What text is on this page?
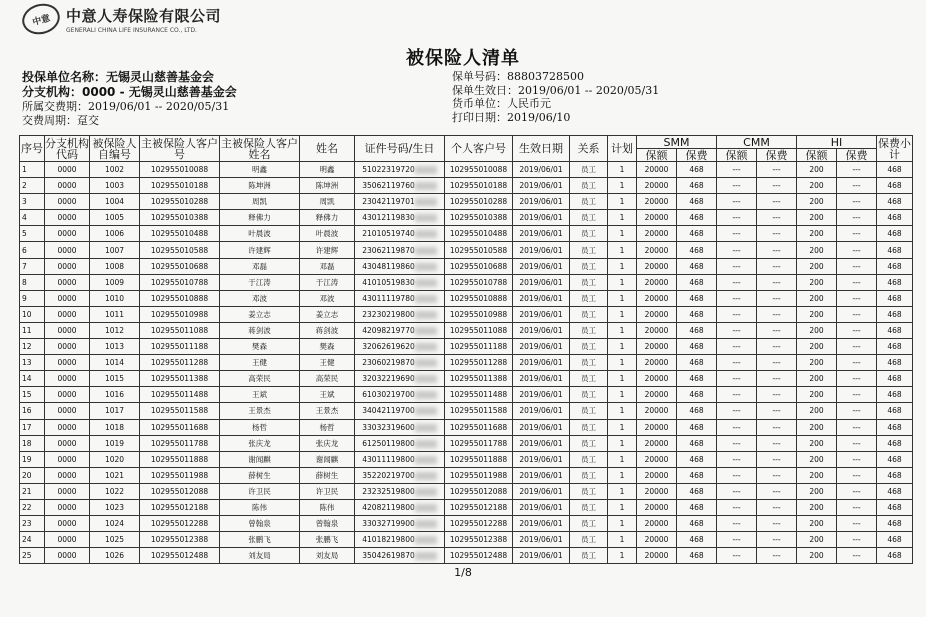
中意 中意人寿保险有限公司
GENERALI CHINA LIFE INSURANCE CO., LTD.
被保险人清单
投保单位名称：无锡灵山慈善基金会
分支机构：0000 - 无锡灵山慈善基金会
所属交费期：2019/06/01 -- 2020/05/31
交费周期：趸交
保单号码：88803728500
保单生效日：2019/06/01 -- 2020/05/31
货币单位：人民币元
打印日期：2019/06/10
序号	分支机构代码	被保险人自编号	主被保险人客户号	主被保险人客户姓名	姓名	证件号码/生日	个人客户号	生效日期	关系	计划	SMM		CMM		HI		保费小计
											保额	保费	保额	保费	保额	保费	
1	0000	1002	102955010088	明鑫	明鑫	51022319720	102955010088	2019/06/01	员工	1	20000	468	---	---	200	---	468
2	0000	1003	102955010188	陈坤洲	陈坤洲	35062119760	102955010188	2019/06/01	员工	1	20000	468	---	---	200	---	468
3	0000	1004	102955010288	周凯	周凯	23042119701	102955010288	2019/06/01	员工	1	20000	468	---	---	200	---	468
4	0000	1005	102955010388	释佛力	释佛力	43012119830	102955010388	2019/06/01	员工	1	20000	468	---	---	200	---	468
5	0000	1006	102955010488	叶晨波	叶晨波	21010519740	102955010488	2019/06/01	员工	1	20000	468	---	---	200	---	468
6	0000	1007	102955010588	许建辉	许建辉	23062119870	102955010588	2019/06/01	员工	1	20000	468	---	---	200	---	468
7	0000	1008	102955010688	邓磊	邓磊	43048119860	102955010688	2019/06/01	员工	1	20000	468	---	---	200	---	468
8	0000	1009	102955010788	于江涛	于江涛	41010519830	102955010788	2019/06/01	员工	1	20000	468	---	---	200	---	468
9	0000	1010	102955010888	邓波	邓波	43011119780	102955010888	2019/06/01	员工	1	20000	468	---	---	200	---	468
10	0000	1011	102955010988	姜立志	姜立志	23230219800	102955010988	2019/06/01	员工	1	20000	468	---	---	200	---	468
11	0000	1012	102955011088	蒋剑波	蒋剑波	42098219770	102955011088	2019/06/01	员工	1	20000	468	---	---	200	---	468
12	0000	1013	102955011188	樊森	樊森	32062619620	102955011188	2019/06/01	员工	1	20000	468	---	---	200	---	468
13	0000	1014	102955011288	王健	王健	23060219870	102955011288	2019/06/01	员工	1	20000	468	---	---	200	---	468
14	0000	1015	102955011388	高荣民	高荣民	32032219690	102955011388	2019/06/01	员工	1	20000	468	---	---	200	---	468
15	0000	1016	102955011488	王斌	王斌	61030219700	102955011488	2019/06/01	员工	1	20000	468	---	---	200	---	468
16	0000	1017	102955011588	王景杰	王景杰	34042119700	102955011588	2019/06/01	员工	1	20000	468	---	---	200	---	468
17	0000	1018	102955011688	杨哲	杨哲	33032319600	102955011688	2019/06/01	员工	1	20000	468	---	---	200	---	468
18	0000	1019	102955011788	张庆龙	张庆龙	61250119800	102955011788	2019/06/01	员工	1	20000	468	---	---	200	---	468
19	0000	1020	102955011888	谢闻麒	谢闻麒	43011119800	102955011888	2019/06/01	员工	1	20000	468	---	---	200	---	468
20	0000	1021	102955011988	薛树生	薛树生	35220219700	102955011988	2019/06/01	员工	1	20000	468	---	---	200	---	468
21	0000	1022	102955012088	许卫民	许卫民	23232519800	102955012088	2019/06/01	员工	1	20000	468	---	---	200	---	468
22	0000	1023	102955012188	陈伟	陈伟	42082119800	102955012188	2019/06/01	员工	1	20000	468	---	---	200	---	468
23	0000	1024	102955012288	曾翰泉	曾翰泉	33032719900	102955012288	2019/06/01	员工	1	20000	468	---	---	200	---	468
24	0000	1025	102955012388	张鹏飞	张鹏飞	41018219800	102955012388	2019/06/01	员工	1	20000	468	---	---	200	---	468
25	0000	1026	102955012488	刘友局	刘友局	35042619870	102955012488	2019/06/01	员工	1	20000	468	---	---	200	---	468
1/8
